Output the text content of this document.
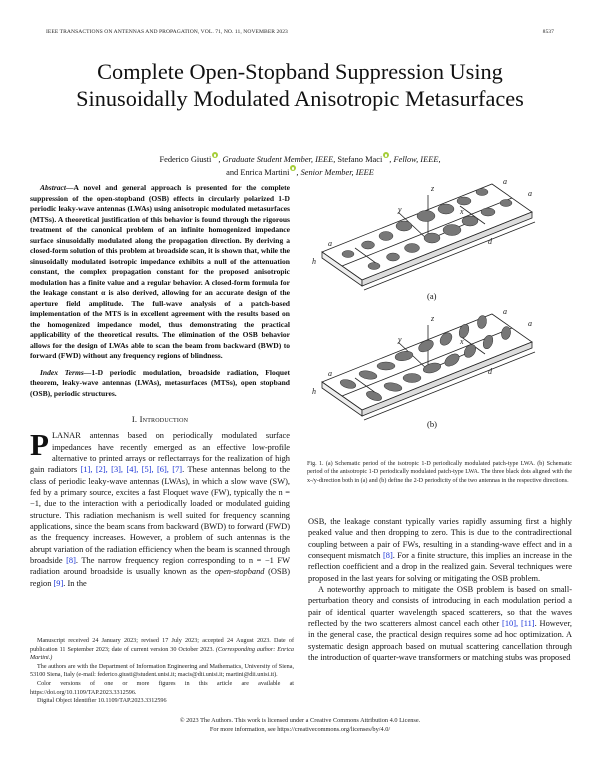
IEEE TRANSACTIONS ON ANTENNAS AND PROPAGATION, VOL. 71, NO. 11, NOVEMBER 2023	8537
Complete Open-Stopband Suppression Using
Sinusoidally Modulated Anisotropic Metasurfaces
Federico Giusti , Graduate Student Member, IEEE, Stefano Maci , Fellow, IEEE,
and Enrica Martini , Senior Member, IEEE

Abstract—A novel and general approach is presented for the complete suppression of the open-stopband (OSB) effects in circularly polarized 1-D periodic leaky-wave antennas (LWAs) using anisotropic modulated metasurfaces (MTSs). A theoretical justification of this behavior is found through the rigorous treatment of the canonical problem of an infinite homogenized impedance surface sinusoidally modulated along the propagation direction. By deriving a closed-form solution of this problem at broadside scan, it is shown that, while the sinusoidally modulated isotropic impedance exhibits a null of the attenuation constant, the complex propagation constant for the proposed anisotropic modulation has a finite value and a regular behavior. A closed-form formula for the leakage constant α is also derived, allowing for an accurate design of the aperture field amplitude. The full-wave analysis of a patch-based implementation of the MTS is in excellent agreement with the results based on the homogenized impedance model, thus demonstrating the practical applicability of the theoretical results. The elimination of the OSB behavior allows for the design of LWAs able to scan the beam from backward (BWD) to forward (FWD) without any frequency regions of blindness.

Index Terms—1-D periodic modulation, broadside radiation, Floquet theorem, leaky-wave antennas (LWAs), metasurfaces (MTSs), open stopband (OSB), periodic structures.

I. Introduction

PLANAR antennas based on periodically modulated surface impedances have recently emerged as an effective low-profile alternative to printed arrays or reflectarrays for the realization of high gain radiators [1], [2], [3], [4], [5], [6], [7]. These antennas belong to the class of periodic leaky-wave antennas (LWAs), in which a slow wave (SW), fed by a primary source, excites a fast Floquet wave (FW), typically the n = −1, due to the interaction with a periodically loaded or modulated guiding structure. This radiation mechanism is well suited for frequency scanning applications, since the beam scans from backward (BWD) to forward (FWD) as the frequency increases. However, a problem of such antennas is the abrupt variation of the radiation efficiency when the beam is scanned through broadside [8]. The narrow frequency region corresponding to n = −1 FW radiation around broadside is usually known as the open-stopband (OSB) region [9]. In the

Manuscript received 24 January 2023; revised 17 July 2023; accepted 24 August 2023. Date of publication 11 September 2023; date of current version 30 October 2023. (Corresponding author: Enrica Martini.)

The authors are with the Department of Information Engineering and Mathematics, University of Siena, 53100 Siena, Italy (e-mail: federico.giusti@student.unisi.it; macis@dii.unisi.it; martini@dii.unisi.it).

Color versions of one or more figures in this article are available at https://doi.org/10.1109/TAP.2023.3312596.

Digital Object Identifier 10.1109/TAP.2023.3312596

z
y	x
a
a
a	d
h
z
y	x
a
a
a	d
h
(a)
(b)
Fig. 1. (a) Schematic period of the isotropic 1-D periodically modulated patch-type LWA. (b) Schematic period of the anisotropic 1-D periodically modulated patch-type LWA. The three black dots aligned with the x-/y-direction both in (a) and (b) define the 2-D periodicity of the two antennas in the respective directions.

OSB, the leakage constant typically varies rapidly assuming first a highly peaked value and then dropping to zero. This is due to the contradirectional coupling between a pair of FWs, resulting in a standing-wave effect and in a consequent mismatch [8]. For a finite structure, this implies an increase in the reflection coefficient and a drop in the realized gain. Several techniques were proposed in the last years for solving or mitigating the OSB problem.

A noteworthy approach to mitigate the OSB problem is based on small-perturbation theory and consists of introducing in each modulation period a pair of identical quarter wavelength spaced scatterers, so that the waves reflected by the two scatterers almost cancel each other [10], [11]. However, in the general case, the practical design requires some ad hoc optimization. A systematic design approach based on mutual scattering cancellation through the introduction of quarter-wave transformers or matching stubs was proposed

© 2023 The Authors. This work is licensed under a Creative Commons Attribution 4.0 License.
For more information, see https://creativecommons.org/licenses/by/4.0/
